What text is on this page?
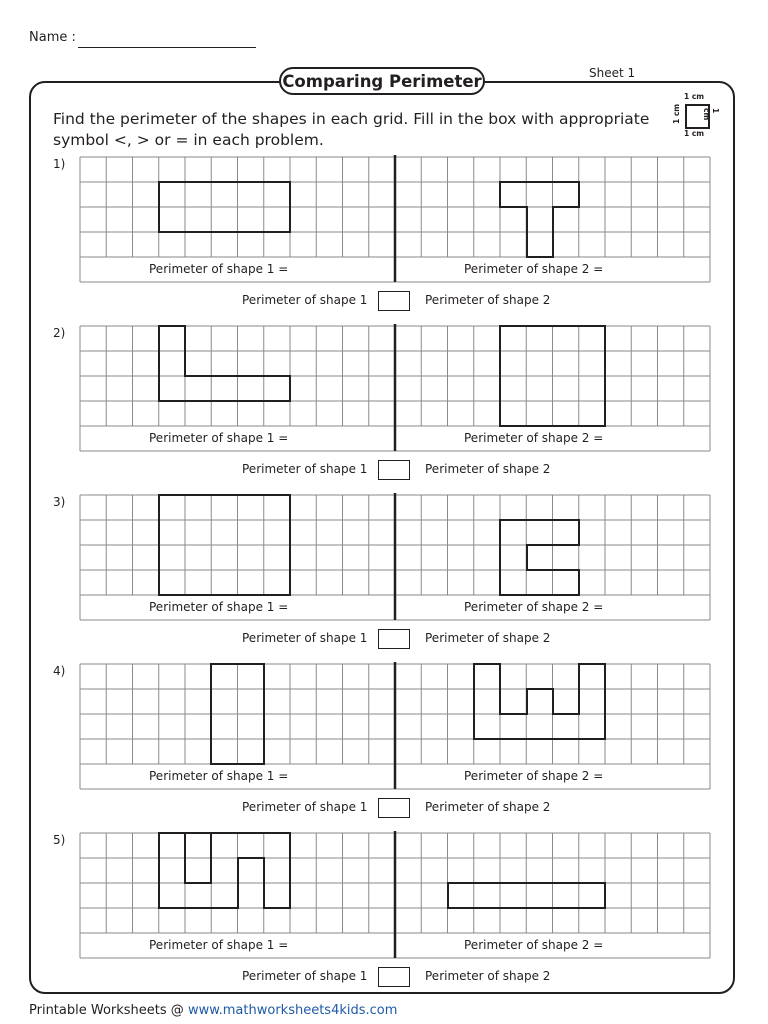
Name :
Sheet 1
Comparing Perimeter
Find the perimeter of the shapes in each grid. Fill in the box with appropriate symbol <, > or = in each problem.
1 cm
1 cm	1 cm
1 cm
1)
Perimeter of shape 1 =	Perimeter of shape 2 =
Perimeter of shape 1	Perimeter of shape 2
2)
Perimeter of shape 1 =	Perimeter of shape 2 =
Perimeter of shape 1	Perimeter of shape 2
3)
Perimeter of shape 1 =	Perimeter of shape 2 =
Perimeter of shape 1	Perimeter of shape 2
4)
Perimeter of shape 1 =	Perimeter of shape 2 =
Perimeter of shape 1	Perimeter of shape 2
5)
Perimeter of shape 1 =	Perimeter of shape 2 =
Perimeter of shape 1	Perimeter of shape 2
Printable Worksheets @ www.mathworksheets4kids.com
